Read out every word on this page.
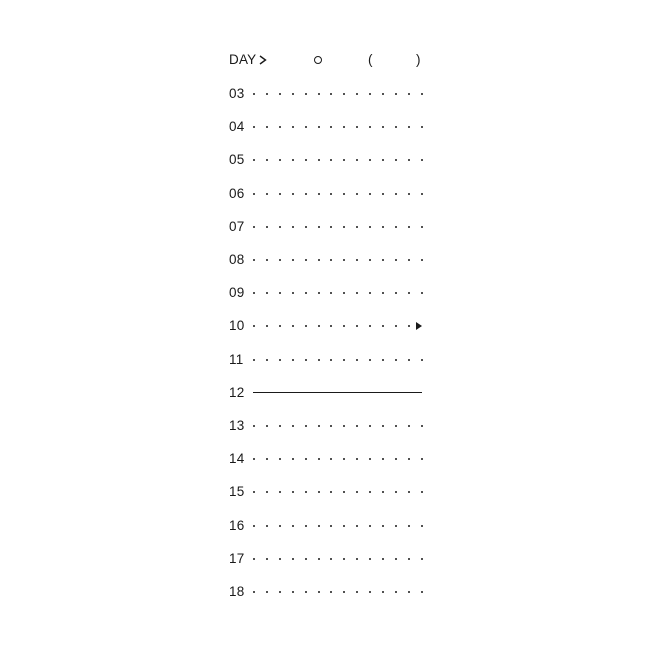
DAY	(	)
03
04
05
06
07
08
09
10
11
12
13
14
15
16
17
18
